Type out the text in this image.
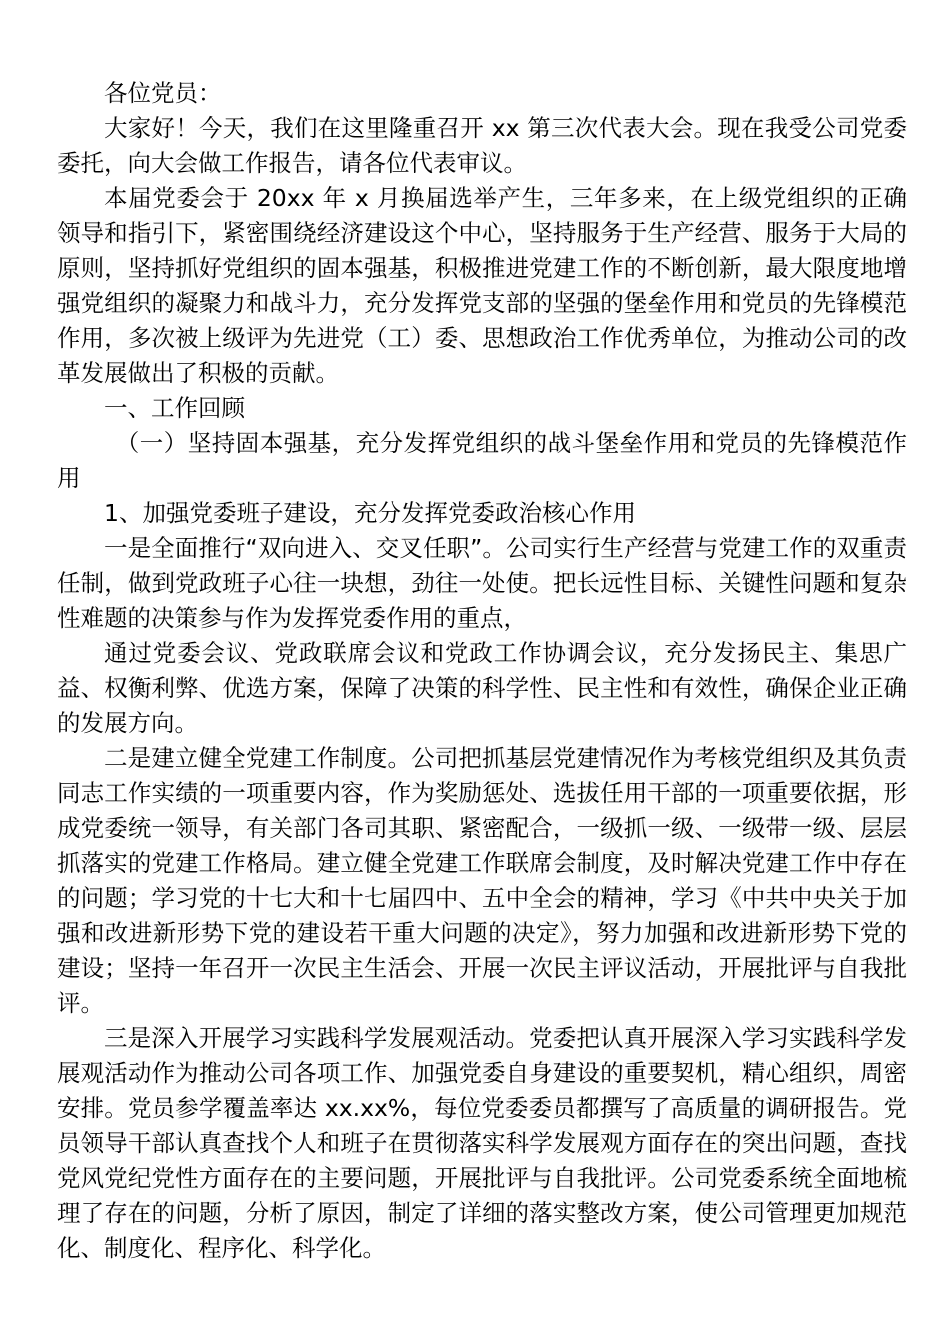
各位党员：

大家好！今天，我们在这里隆重召开 xx 第三次代表大会。现在我受公司党委委托，向大会做工作报告，请各位代表审议。

本届党委会于 20xx 年 x 月换届选举产生，三年多来，在上级党组织的正确领导和指引下，紧密围绕经济建设这个中心，坚持服务于生产经营、服务于大局的原则，坚持抓好党组织的固本强基，积极推进党建工作的不断创新，最大限度地增强党组织的凝聚力和战斗力，充分发挥党支部的坚强的堡垒作用和党员的先锋模范作用，多次被上级评为先进党（工）委、思想政治工作优秀单位，为推动公司的改革发展做出了积极的贡献。

一、工作回顾

（一）坚持固本强基，充分发挥党组织的战斗堡垒作用和党员的先锋模范作用

1、加强党委班子建设，充分发挥党委政治核心作用

一是全面推行“双向进入、交叉任职”。公司实行生产经营与党建工作的双重责任制，做到党政班子心往一块想，劲往一处使。把长远性目标、关键性问题和复杂性难题的决策参与作为发挥党委作用的重点，

通过党委会议、党政联席会议和党政工作协调会议，充分发扬民主、集思广益、权衡利弊、优选方案，保障了决策的科学性、民主性和有效性，确保企业正确的发展方向。

二是建立健全党建工作制度。公司把抓基层党建情况作为考核党组织及其负责同志工作实绩的一项重要内容，作为奖励惩处、选拔任用干部的一项重要依据，形成党委统一领导，有关部门各司其职、紧密配合，一级抓一级、一级带一级、层层抓落实的党建工作格局。建立健全党建工作联席会制度，及时解决党建工作中存在的问题；学习党的十七大和十七届四中、五中全会的精神，学习《中共中央关于加强和改进新形势下党的建设若干重大问题的决定》，努力加强和改进新形势下党的建设；坚持一年召开一次民主生活会、开展一次民主评议活动，开展批评与自我批评。

三是深入开展学习实践科学发展观活动。党委把认真开展深入学习实践科学发展观活动作为推动公司各项工作、加强党委自身建设的重要契机，精心组织，周密安排。党员参学覆盖率达 xx.xx%，每位党委委员都撰写了高质量的调研报告。党员领导干部认真查找个人和班子在贯彻落实科学发展观方面存在的突出问题，查找党风党纪党性方面存在的主要问题，开展批评与自我批评。公司党委系统全面地梳理了存在的问题，分析了原因，制定了详细的落实整改方案，使公司管理更加规范化、制度化、程序化、科学化。
